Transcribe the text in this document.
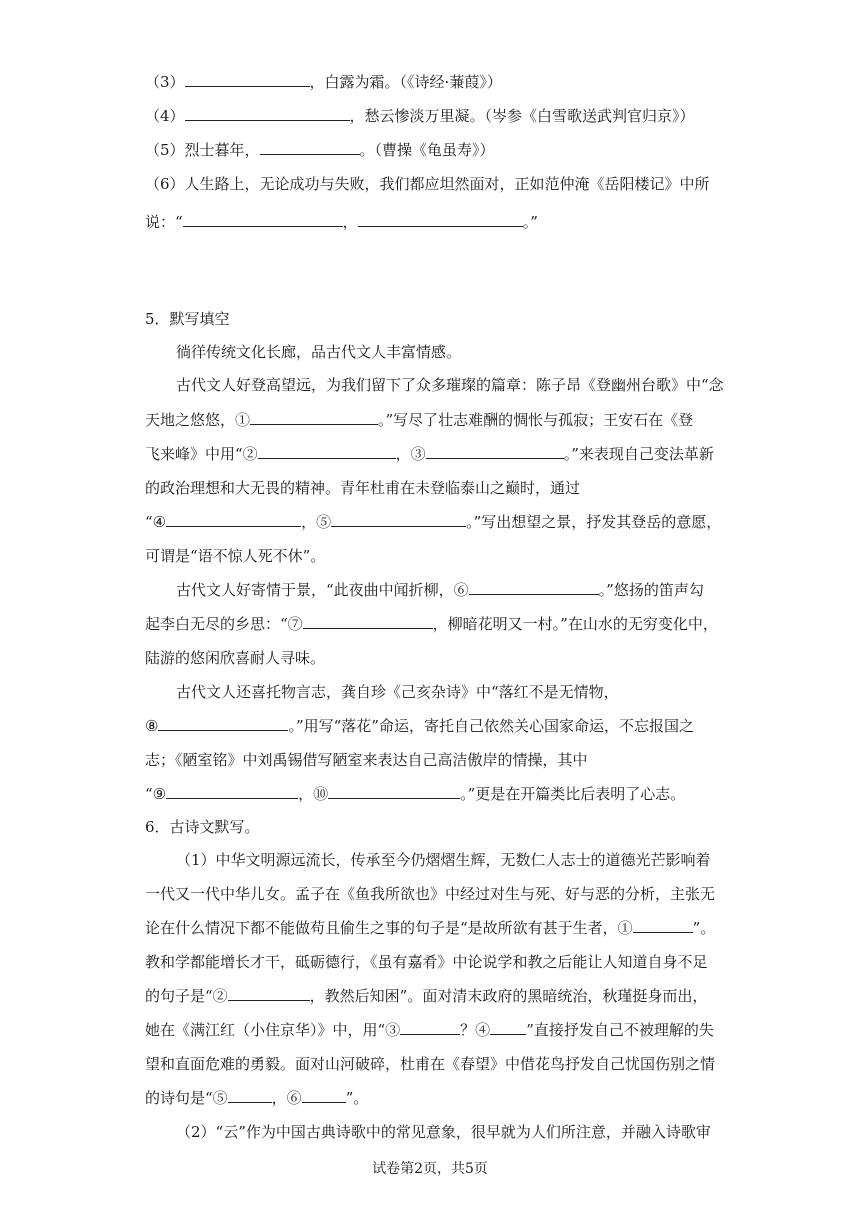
（3）	，白露为霜。（《诗经·蒹葭》）
（4）	，愁云惨淡万里凝。（岑参《白雪歌送武判官归京》）
（5）烈士暮年，	。（曹操《龟虽寿》）
（6）人生路上，无论成功与失败，我们都应坦然面对，正如范仲淹《岳阳楼记》中所
说：“	，	。”
5．默写填空
徜徉传统文化长廊，品古代文人丰富情感。
古代文人好登高望远，为我们留下了众多璀璨的篇章：陈子昂《登幽州台歌》中“念
天地之悠悠，①	。”写尽了壮志难酬的惆怅与孤寂；王安石在《登
飞来峰》中用“②	，③	。”来表现自己变法革新
的政治理想和大无畏的精神。青年杜甫在未登临泰山之巅时，通过
“④	，⑤	。”写出想望之景，抒发其登岳的意愿，
可谓是“语不惊人死不休”。
古代文人好寄情于景，“此夜曲中闻折柳，⑥	。”悠扬的笛声勾
起李白无尽的乡思：“⑦	，柳暗花明又一村。”在山水的无穷变化中，
陆游的悠闲欣喜耐人寻味。
古代文人还喜托物言志，龚自珍《己亥杂诗》中“落红不是无情物，
⑧	。”用写“落花”命运，寄托自己依然关心国家命运，不忘报国之
志；《陋室铭》中刘禹锡借写陋室来表达自己高洁傲岸的情操，其中
“⑨	，⑩	。”更是在开篇类比后表明了心志。
6．古诗文默写。
（1）中华文明源远流长，传承至今仍熠熠生辉，无数仁人志士的道德光芒影响着
一代又一代中华儿女。孟子在《鱼我所欲也》中经过对生与死、好与恶的分析，主张无
论在什么情况下都不能做苟且偷生之事的句子是“是故所欲有甚于生者，①	”。
教和学都能增长才干，砥砺德行，《虽有嘉肴》中论说学和教之后能让人知道自身不足
的句子是“②	，教然后知困”。面对清末政府的黑暗统治，秋瑾挺身而出，
她在《满江红（小住京华）》中，用“③	？④ ”直接抒发自己不被理解的失
望和直面危难的勇毅。面对山河破碎，杜甫在《春望》中借花鸟抒发自己忧国伤别之情
的诗句是“⑤	，⑥	”。
（2）“云”作为中国古典诗歌中的常见意象，很早就为人们所注意，并融入诗歌审
试卷第2页，共5页
